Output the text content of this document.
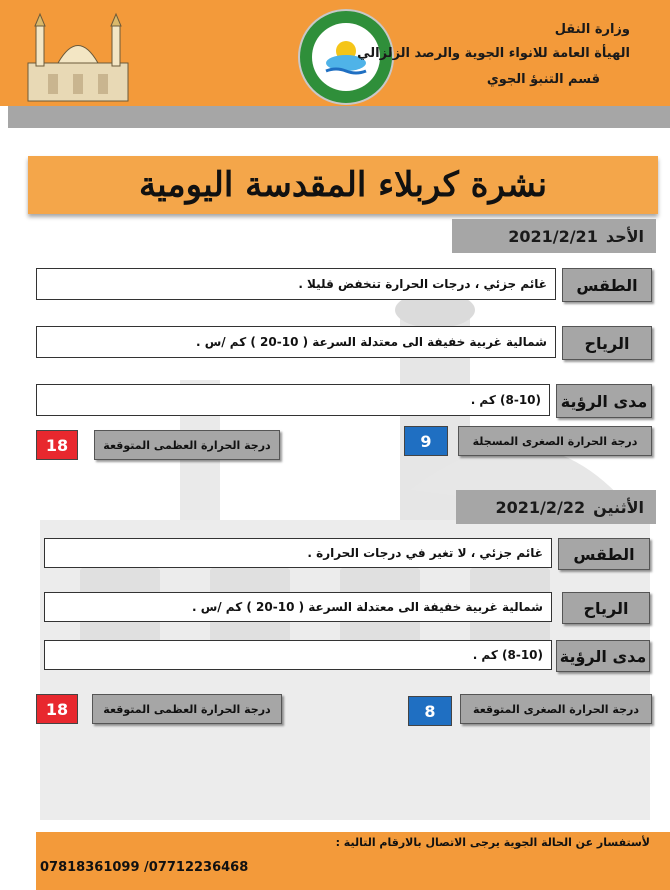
وزارة النقل
الهيأة العامة للانواء الجوية والرصد الزلزالي
قسم التنبؤ الجوي
نشرة كربلاء المقدسة اليومية
2021/2/21 الأحد
غائم جزئي ، درجات الحرارة تنخفض قليلا .	الطقس
شمالية غربية خفيفة الى معتدلة السرعة ( 10-20 ) كم /س .	الرياح
(8-10) كم .	مدى الرؤية
18	درجة الحرارة العظمى المتوقعة	9	درجة الحرارة الصغرى المسجلة
2021/2/22 الأثنين
غائم جزئي ، لا تغير في درجات الحرارة .	الطقس
شمالية غربية خفيفة الى معتدلة السرعة ( 10-20 ) كم /س .	الرياح
(8-10) كم .	مدى الرؤية
18	درجة الحرارة العظمى المتوقعة	8	درجة الحرارة الصغرى المتوقعة
لأستفسار عن الحالة الجوية يرجى الاتصال بالارقام التالية :
07818361099 /07712236468
